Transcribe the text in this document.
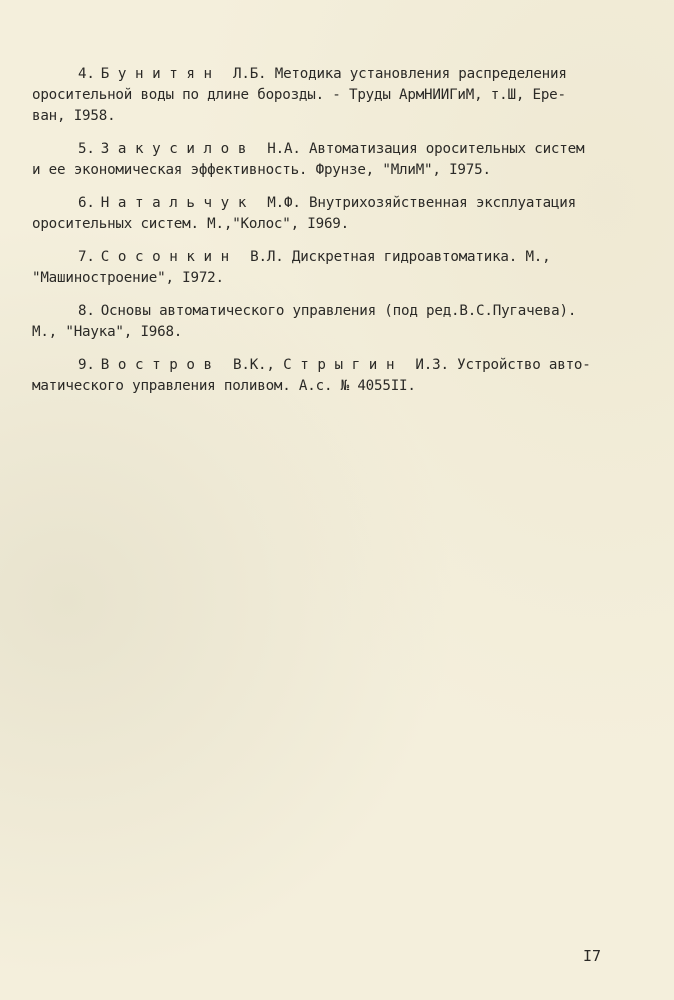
4. Бунитян Л.Б. Методика установления распределения
оросительной воды по длине борозды. - Труды АрмНИИГиМ, т.Ш, Ере-
ван, I958.
5. Закусилов Н.А. Автоматизация оросительных систем
и ее экономическая эффективность. Фрунзе, "МлиМ", I975.
6. Натальчук М.Ф. Внутрихозяйственная эксплуатация
оросительных систем. М.,"Колос", I969.
7. Сосонкин В.Л. Дискретная гидроавтоматика. М.,
"Машиностроение", I972.
8. Основы автоматического управления (под ред.В.С.Пугачева).
М., "Наука", I968.
9. Востров В.К., Стрыгин И.З. Устройство авто-
матического управления поливом. А.с. № 4055II.
I7
